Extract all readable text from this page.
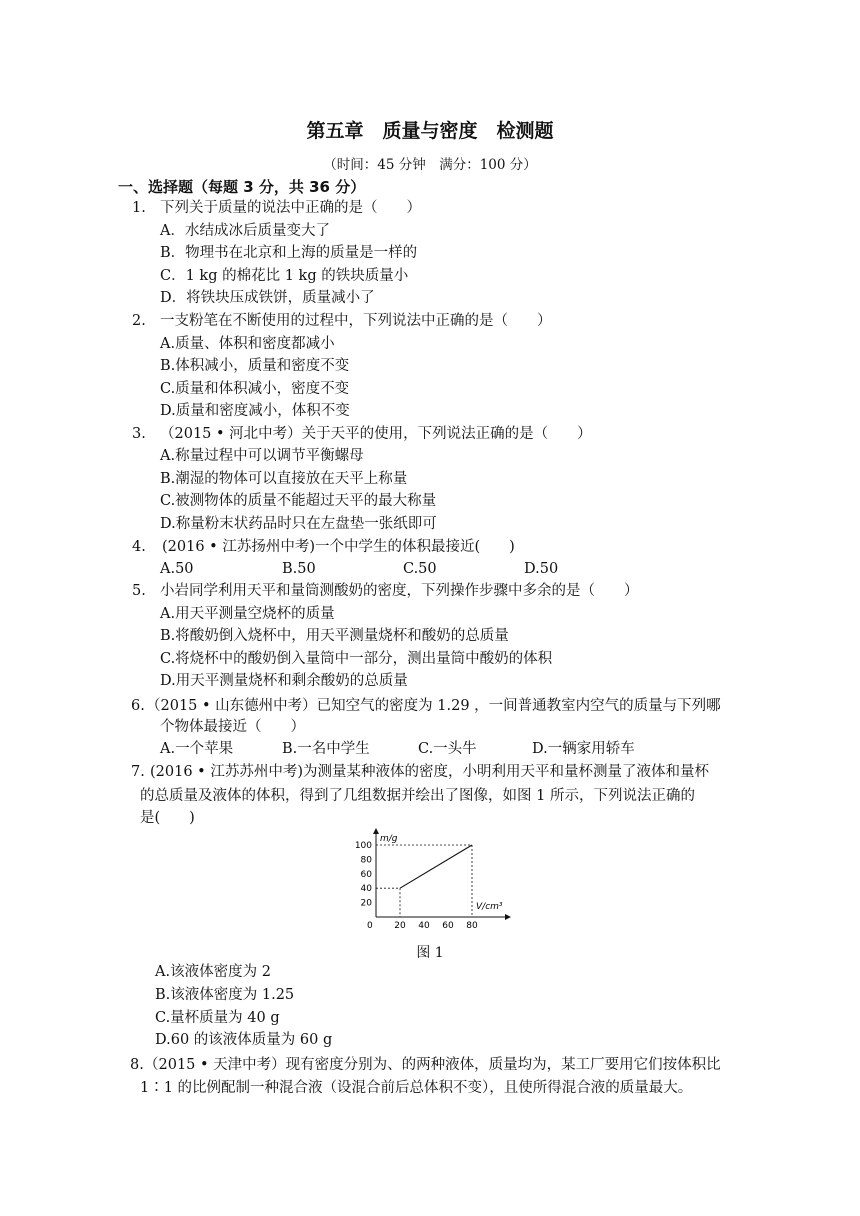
第五章　质量与密度　检测题
（时间：45 分钟　满分：100 分）
一、选择题（每题 3 分，共 36 分）
1. 下列关于质量的说法中正确的是（　　）
A．水结成冰后质量变大了
B．物理书在北京和上海的质量是一样的
C．1 kg 的棉花比 1 kg 的铁块质量小
D．将铁块压成铁饼，质量减小了
2. 一支粉笔在不断使用的过程中，下列说法中正确的是（　　）
A.质量、体积和密度都减小
B.体积减小，质量和密度不变
C.质量和体积减小，密度不变
D.质量和密度减小，体积不变
3. （2015 • 河北中考）关于天平的使用，下列说法正确的是（　　）
A.称量过程中可以调节平衡螺母
B.潮湿的物体可以直接放在天平上称量
C.被测物体的质量不能超过天平的最大称量
D.称量粉末状药品时只在左盘垫一张纸即可
4. (2016 • 江苏扬州中考)一个中学生的体积最接近(　　)
A.50	B.50	C.50	D.50
5. 小岩同学利用天平和量筒测酸奶的密度，下列操作步骤中多余的是（　　）
A.用天平测量空烧杯的质量
B.将酸奶倒入烧杯中，用天平测量烧杯和酸奶的总质量
C.将烧杯中的酸奶倒入量筒中一部分，测出量筒中酸奶的体积
D.用天平测量烧杯和剩余酸奶的总质量
6. （2015 • 山东德州中考）已知空气的密度为 1.29 ，一间普通教室内空气的质量与下列哪
个物体最接近（　　）
A.一个苹果	B.一名中学生	C.一头牛	D.一辆家用轿车
7. (2016 • 江苏苏州中考)为测量某种液体的密度，小明利用天平和量杯测量了液体和量杯
的总质量及液体的体积，得到了几组数据并绘出了图像，如图 1 所示，下列说法正确的
是(　　)
m/g
V/cm³
0
20
40
60
80
100
20 40 60 80
图 1
A.该液体密度为 2
B.该液体密度为 1.25
C.量杯质量为 40 g
D.60 的该液体质量为 60 g
8. （2015 • 天津中考）现有密度分别为、的两种液体，质量均为，某工厂要用它们按体积比
1∶1 的比例配制一种混合液（设混合前后总体积不变），且使所得混合液的质量最大。
